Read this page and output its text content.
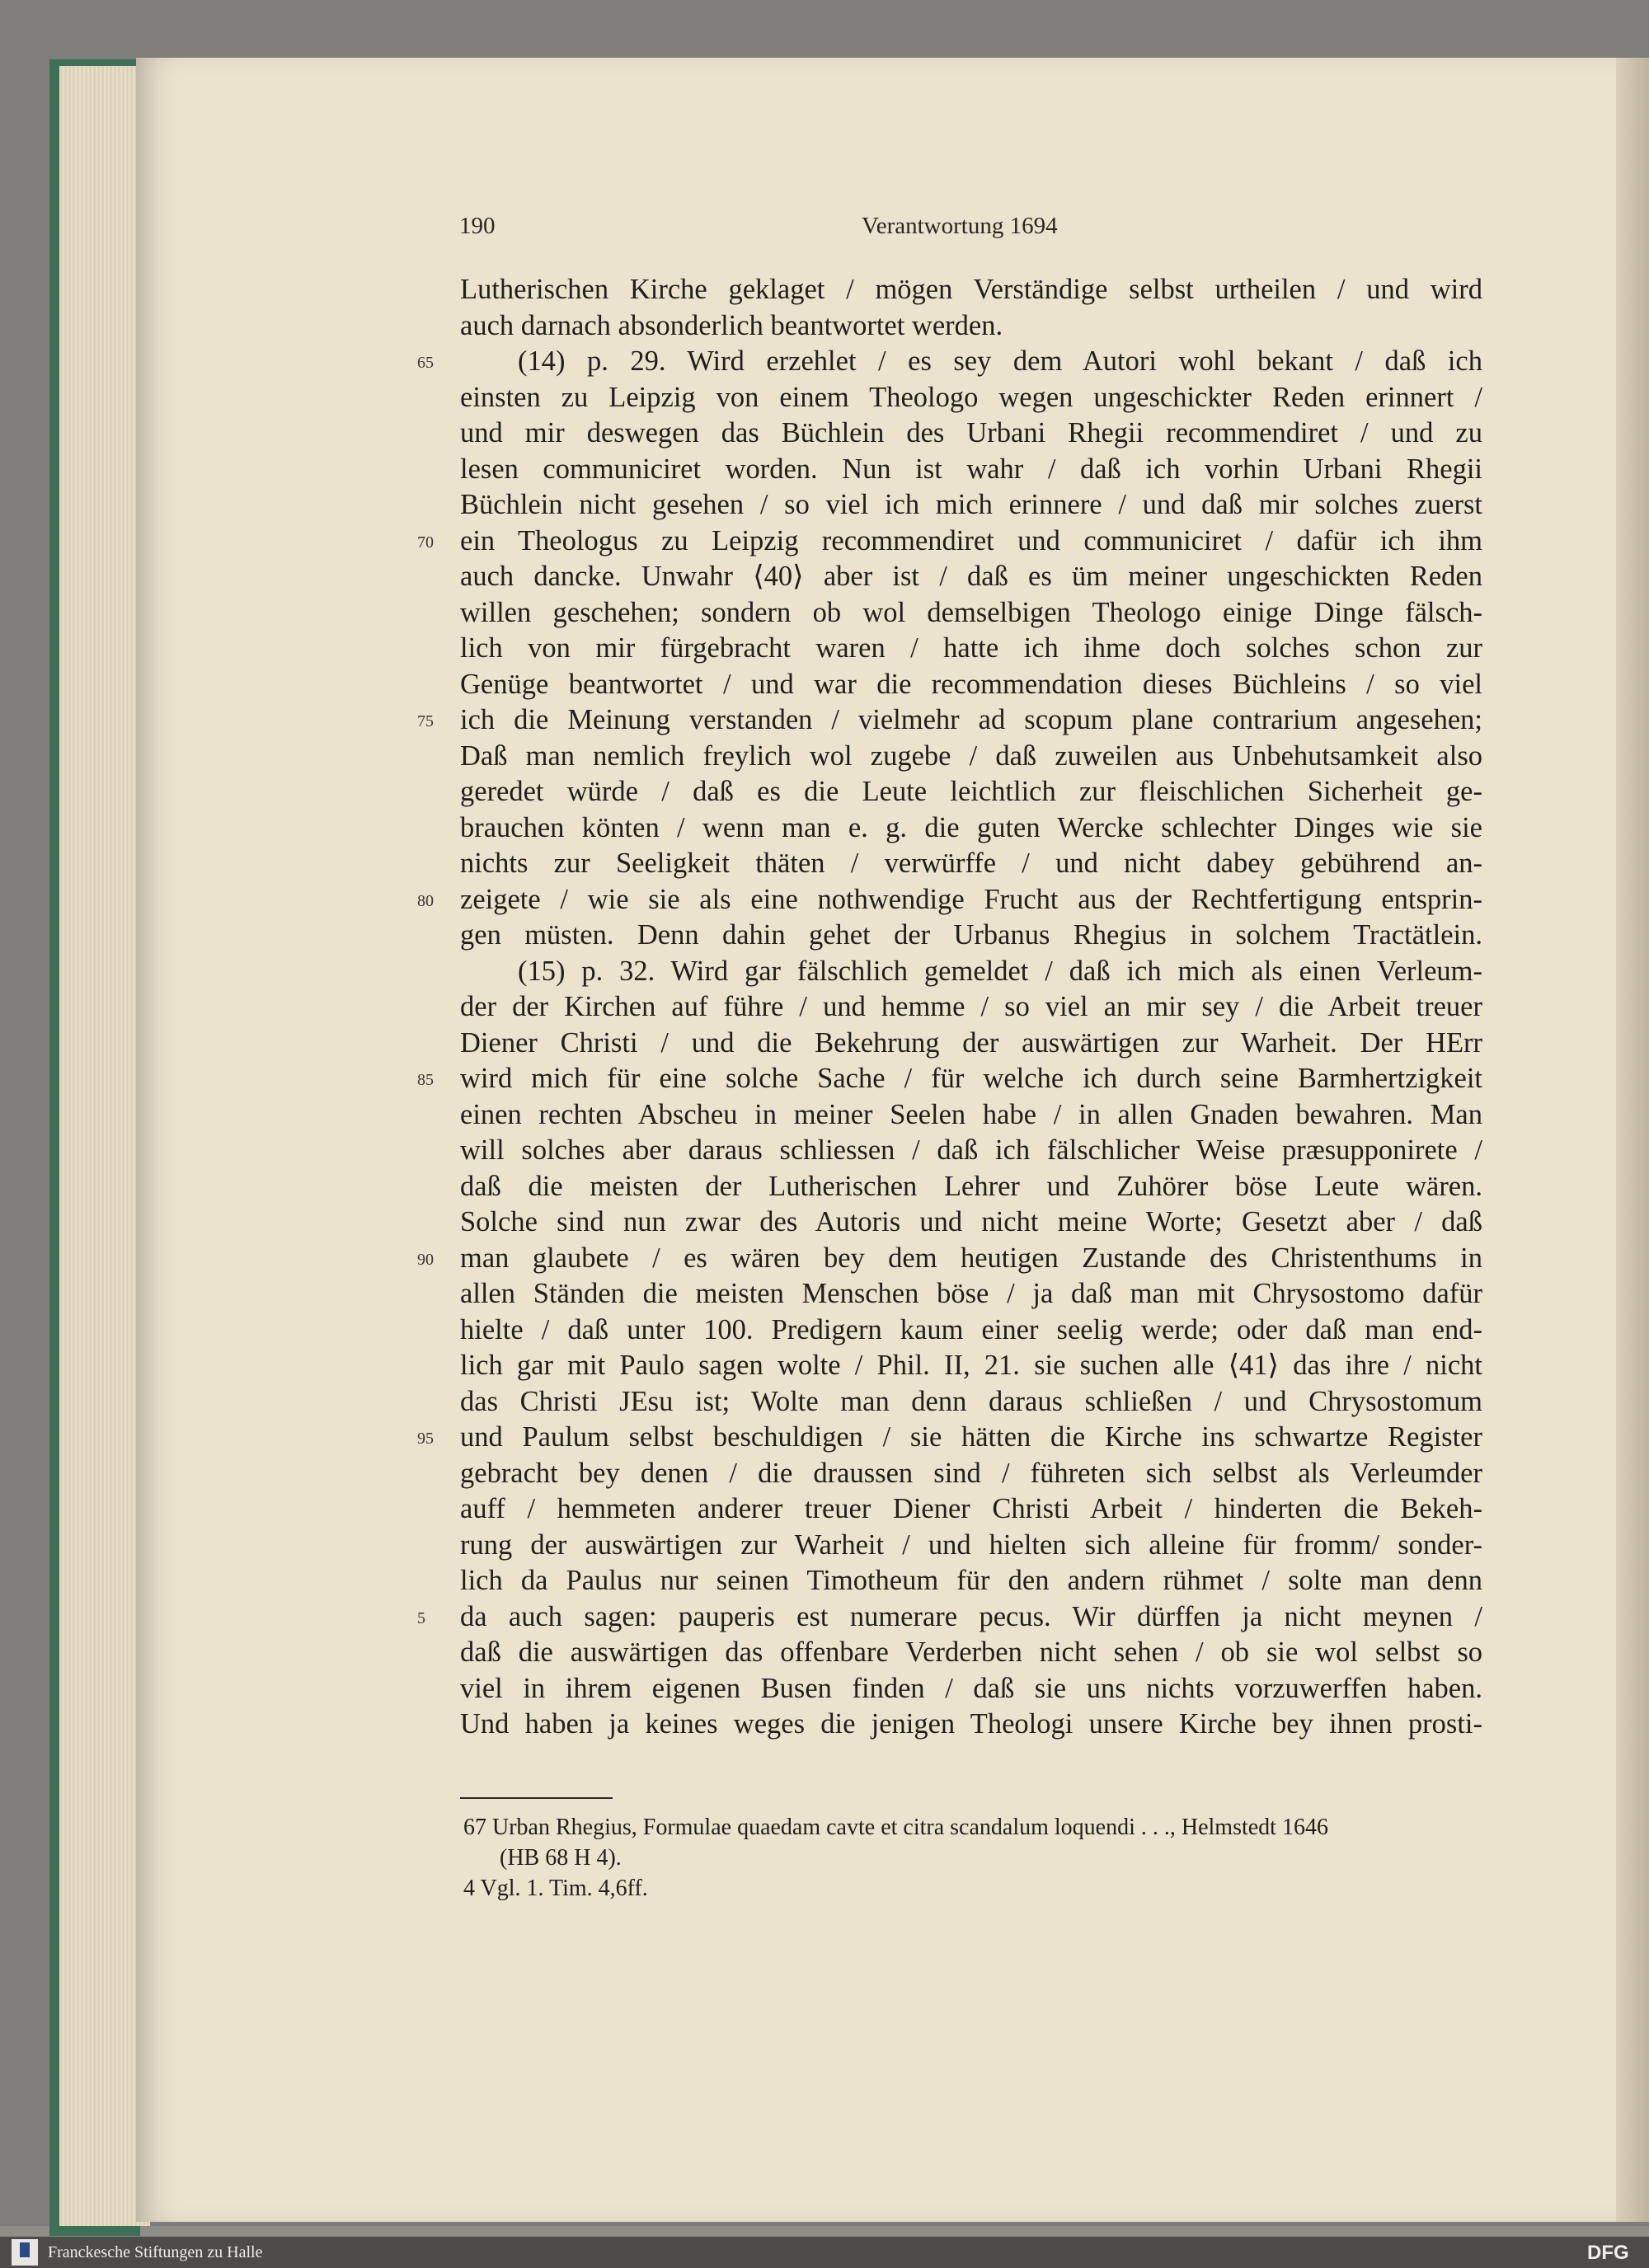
190	Verantwortung 1694
Lutherischen Kirche geklaget / mögen Verständige selbst urtheilen / und wird
auch darnach absonderlich beantwortet werden.
65	(14) p. 29. Wird erzehlet / es sey dem Autori wohl bekant / daß ich
einsten zu Leipzig von einem Theologo wegen ungeschickter Reden erinnert /
und mir deswegen das Büchlein des Urbani Rhegii recommendiret / und zu
lesen communiciret worden. Nun ist wahr / daß ich vorhin Urbani Rhegii
Büchlein nicht gesehen / so viel ich mich erinnere / und daß mir solches zuerst
70 ein Theologus zu Leipzig recommendiret und communiciret / dafür ich ihm
auch dancke. Unwahr ⟨40⟩ aber ist / daß es üm meiner ungeschickten Reden
willen geschehen; sondern ob wol demselbigen Theologo einige Dinge fälsch-
lich von mir fürgebracht waren / hatte ich ihme doch solches schon zur
Genüge beantwortet / und war die recommendation dieses Büchleins / so viel
75 ich die Meinung verstanden / vielmehr ad scopum plane contrarium angesehen;
Daß man nemlich freylich wol zugebe / daß zuweilen aus Unbehutsamkeit also
geredet würde / daß es die Leute leichtlich zur fleischlichen Sicherheit ge-
brauchen könten / wenn man e. g. die guten Wercke schlechter Dinges wie sie
nichts zur Seeligkeit thäten / verwürffe / und nicht dabey gebührend an-
80 zeigete / wie sie als eine nothwendige Frucht aus der Rechtfertigung entsprin-
gen müsten. Denn dahin gehet der Urbanus Rhegius in solchem Tractätlein.
(15) p. 32. Wird gar fälschlich gemeldet / daß ich mich als einen Verleum-
der der Kirchen auf führe / und hemme / so viel an mir sey / die Arbeit treuer
Diener Christi / und die Bekehrung der auswärtigen zur Warheit. Der HErr
85 wird mich für eine solche Sache / für welche ich durch seine Barmhertzigkeit
einen rechten Abscheu in meiner Seelen habe / in allen Gnaden bewahren. Man
will solches aber daraus schliessen / daß ich fälschlicher Weise præsupponirete /
daß die meisten der Lutherischen Lehrer und Zuhörer böse Leute wären.
Solche sind nun zwar des Autoris und nicht meine Worte; Gesetzt aber / daß
90 man glaubete / es wären bey dem heutigen Zustande des Christenthums in
allen Ständen die meisten Menschen böse / ja daß man mit Chrysostomo dafür
hielte / daß unter 100. Predigern kaum einer seelig werde; oder daß man end-
lich gar mit Paulo sagen wolte / Phil. II, 21. sie suchen alle ⟨41⟩ das ihre / nicht
das Christi JEsu ist; Wolte man denn daraus schließen / und Chrysostomum
95 und Paulum selbst beschuldigen / sie hätten die Kirche ins schwartze Register
gebracht bey denen / die draussen sind / führeten sich selbst als Verleumder
auff / hemmeten anderer treuer Diener Christi Arbeit / hinderten die Bekeh-
rung der auswärtigen zur Warheit / und hielten sich alleine für fromm/ sonder-
lich da Paulus nur seinen Timotheum für den andern rühmet / solte man denn
5 da auch sagen: pauperis est numerare pecus. Wir dürffen ja nicht meynen /
daß die auswärtigen das offenbare Verderben nicht sehen / ob sie wol selbst so
viel in ihrem eigenen Busen finden / daß sie uns nichts vorzuwerffen haben.
Und haben ja keines weges die jenigen Theologi unsere Kirche bey ihnen prosti-
67 Urban Rhegius, Formulae quaedam cavte et citra scandalum loquendi . . ., Helmstedt 1646
(HB 68 H 4).
4 Vgl. 1. Tim. 4,6ff.
Franckesche Stiftungen zu Halle	DFG
